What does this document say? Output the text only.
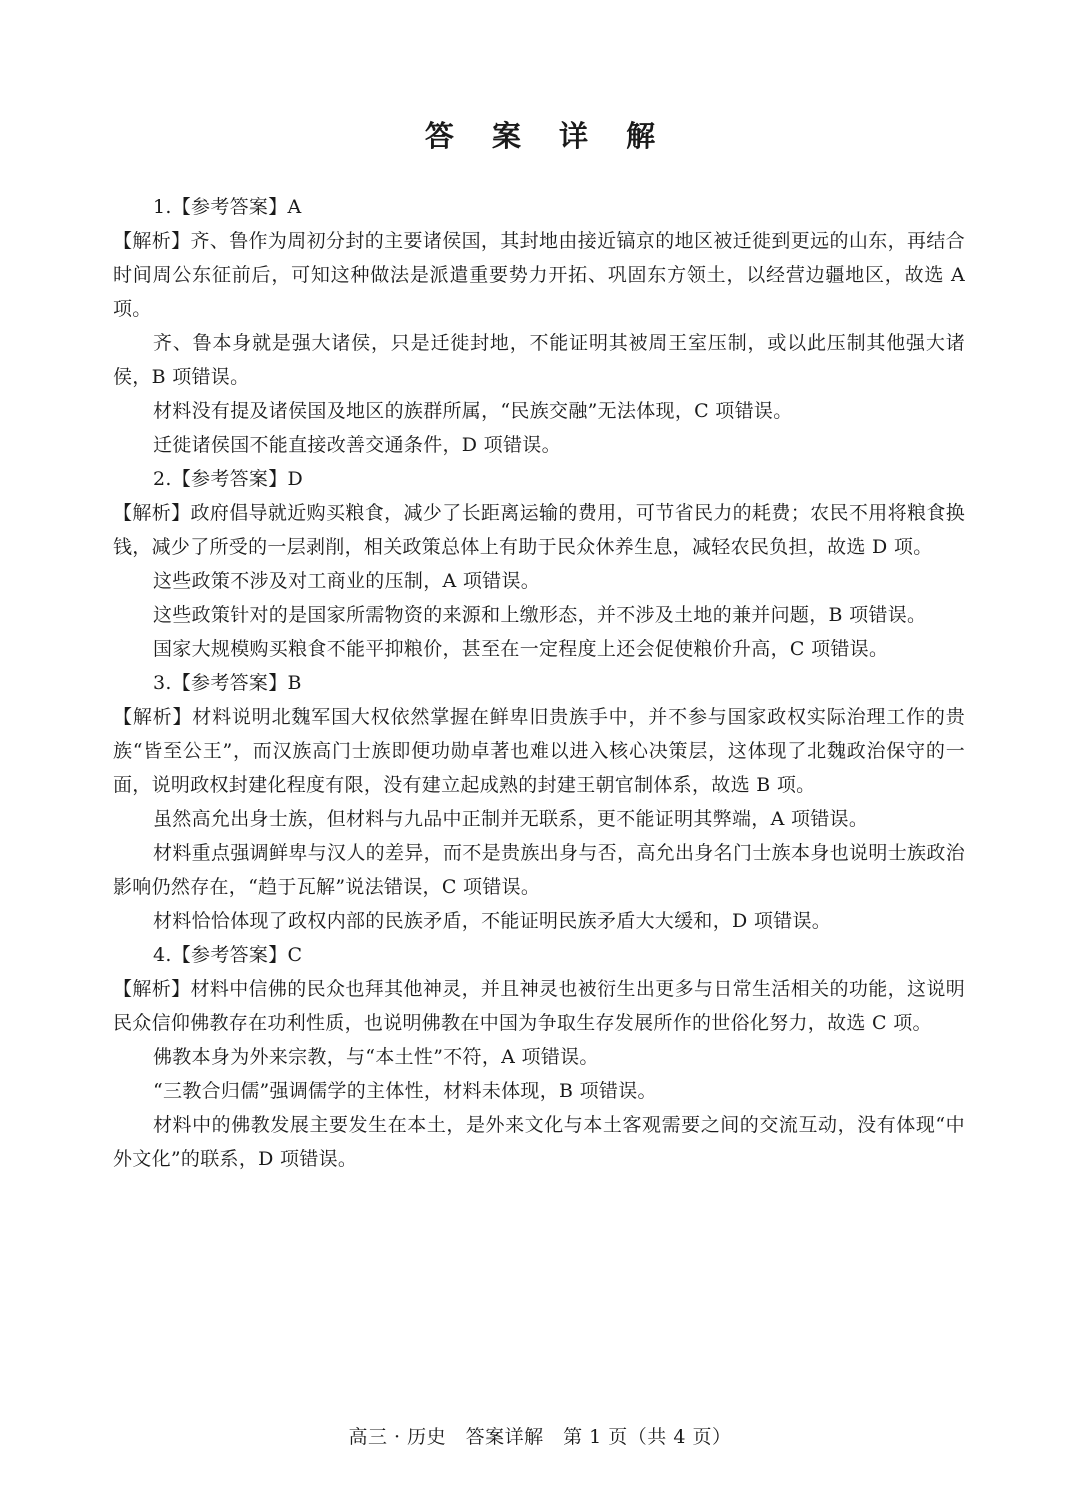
答 案 详 解

1.【参考答案】A

【解析】齐、鲁作为周初分封的主要诸侯国，其封地由接近镐京的地区被迁徙到更远的山东，再结合时间周公东征前后，可知这种做法是派遣重要势力开拓、巩固东方领土，以经营边疆地区，故选 A 项。

齐、鲁本身就是强大诸侯，只是迁徙封地，不能证明其被周王室压制，或以此压制其他强大诸侯，B 项错误。

材料没有提及诸侯国及地区的族群所属，“民族交融”无法体现，C 项错误。

迁徙诸侯国不能直接改善交通条件，D 项错误。

2.【参考答案】D

【解析】政府倡导就近购买粮食，减少了长距离运输的费用，可节省民力的耗费；农民不用将粮食换钱，减少了所受的一层剥削，相关政策总体上有助于民众休养生息，减轻农民负担，故选 D 项。

这些政策不涉及对工商业的压制，A 项错误。

这些政策针对的是国家所需物资的来源和上缴形态，并不涉及土地的兼并问题，B 项错误。

国家大规模购买粮食不能平抑粮价，甚至在一定程度上还会促使粮价升高，C 项错误。

3.【参考答案】B

【解析】材料说明北魏军国大权依然掌握在鲜卑旧贵族手中，并不参与国家政权实际治理工作的贵族“皆至公王”，而汉族高门士族即便功勋卓著也难以进入核心决策层，这体现了北魏政治保守的一面，说明政权封建化程度有限，没有建立起成熟的封建王朝官制体系，故选 B 项。

虽然高允出身士族，但材料与九品中正制并无联系，更不能证明其弊端，A 项错误。

材料重点强调鲜卑与汉人的差异，而不是贵族出身与否，高允出身名门士族本身也说明士族政治影响仍然存在，“趋于瓦解”说法错误，C 项错误。

材料恰恰体现了政权内部的民族矛盾，不能证明民族矛盾大大缓和，D 项错误。

4.【参考答案】C

【解析】材料中信佛的民众也拜其他神灵，并且神灵也被衍生出更多与日常生活相关的功能，这说明民众信仰佛教存在功利性质，也说明佛教在中国为争取生存发展所作的世俗化努力，故选 C 项。

佛教本身为外来宗教，与“本土性”不符，A 项错误。

“三教合归儒”强调儒学的主体性，材料未体现，B 项错误。

材料中的佛教发展主要发生在本土，是外来文化与本土客观需要之间的交流互动，没有体现“中外文化”的联系，D 项错误。

高三 · 历史　答案详解　第 1 页（共 4 页）
